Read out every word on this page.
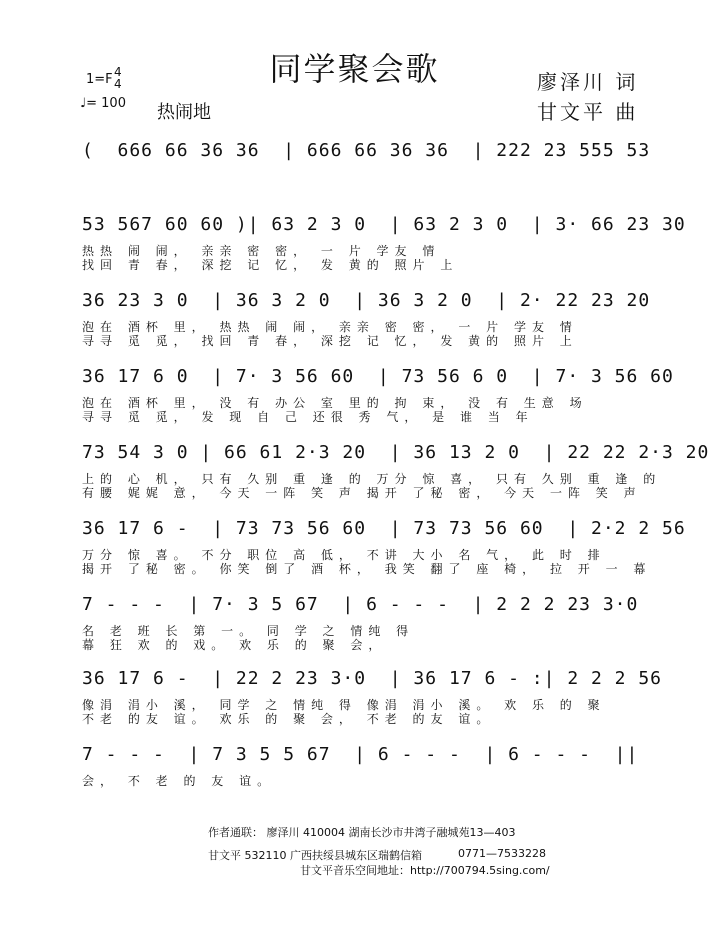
同学聚会歌
1=F 4
4
♩= 100 热闹地
廖泽川 词
甘文平 曲
(  666 66 36 36  | 666 66 36 36  | 222 23 555 53
53 567 60 60 )| 63 2 3 0  | 63 2 3 0  | 3· 66 23 30
热热 闹 闹， 亲亲 密 密， 一 片 学友 情
找回 青 春， 深挖 记 忆， 发 黄的 照片 上
36 23 3 0  | 36 3 2 0  | 36 3 2 0  | 2· 22 23 20
泡在 酒杯 里， 热热 闹 闹， 亲亲 密 密， 一 片 学友 情
寻寻 觅 觅， 找回 青 春， 深挖 记 忆， 发 黄的 照片 上
36 17 6 0  | 7· 3 56 60  | 73 56 6 0  | 7· 3 56 60
泡在 酒杯 里， 没 有 办公 室 里的 拘 束， 没 有 生意 场
寻寻 觅 觅， 发 现 自 己 还很 秀 气， 是 谁 当 年
73 54 3 0 | 66 61 2·3 20  | 36 13 2 0  | 22 22 2·3 20
上的 心 机， 只有 久别 重 逢 的 万分 惊 喜， 只有 久别 重 逢 的
有腰 娓娓 意， 今天 一阵 笑 声 揭开 了秘 密， 今天 一阵 笑 声
36 17 6 -  | 73 73 56 60  | 73 73 56 60  | 2·2 2 56
万分 惊 喜。 不分 职位 高 低， 不讲 大小 名 气， 此 时 排
揭开 了秘 密。 你笑 倒了 酒 杯， 我笑 翻了 座 椅， 拉 开 一 幕
7 - - -  | 7· 3 5 67  | 6 - - -  | 2 2 2 23 3·0
名 老 班 长 第 一。 同 学 之 情纯 得
幕 狂 欢 的 戏。 欢 乐 的 聚 会，
36 17 6 -  | 22 2 23 3·0  | 36 17 6 - :| 2 2 2 56
像涓 涓小 溪， 同学 之 情纯 得 像涓 涓小 溪。 欢 乐 的 聚
不老 的友 谊。 欢乐 的 聚 会， 不老 的友 谊。
7 - - -  | 7 3 5 5 67  | 6 - - -  | 6 - - -  ||
会， 不 老 的 友 谊。
作者通联： 廖泽川 410004 湖南长沙市井湾子融城苑13—403
甘文平 532110 广西扶绥县城东区瑞鹤信箱	0771—7533228
甘文平音乐空间地址：http://700794.5sing.com/
